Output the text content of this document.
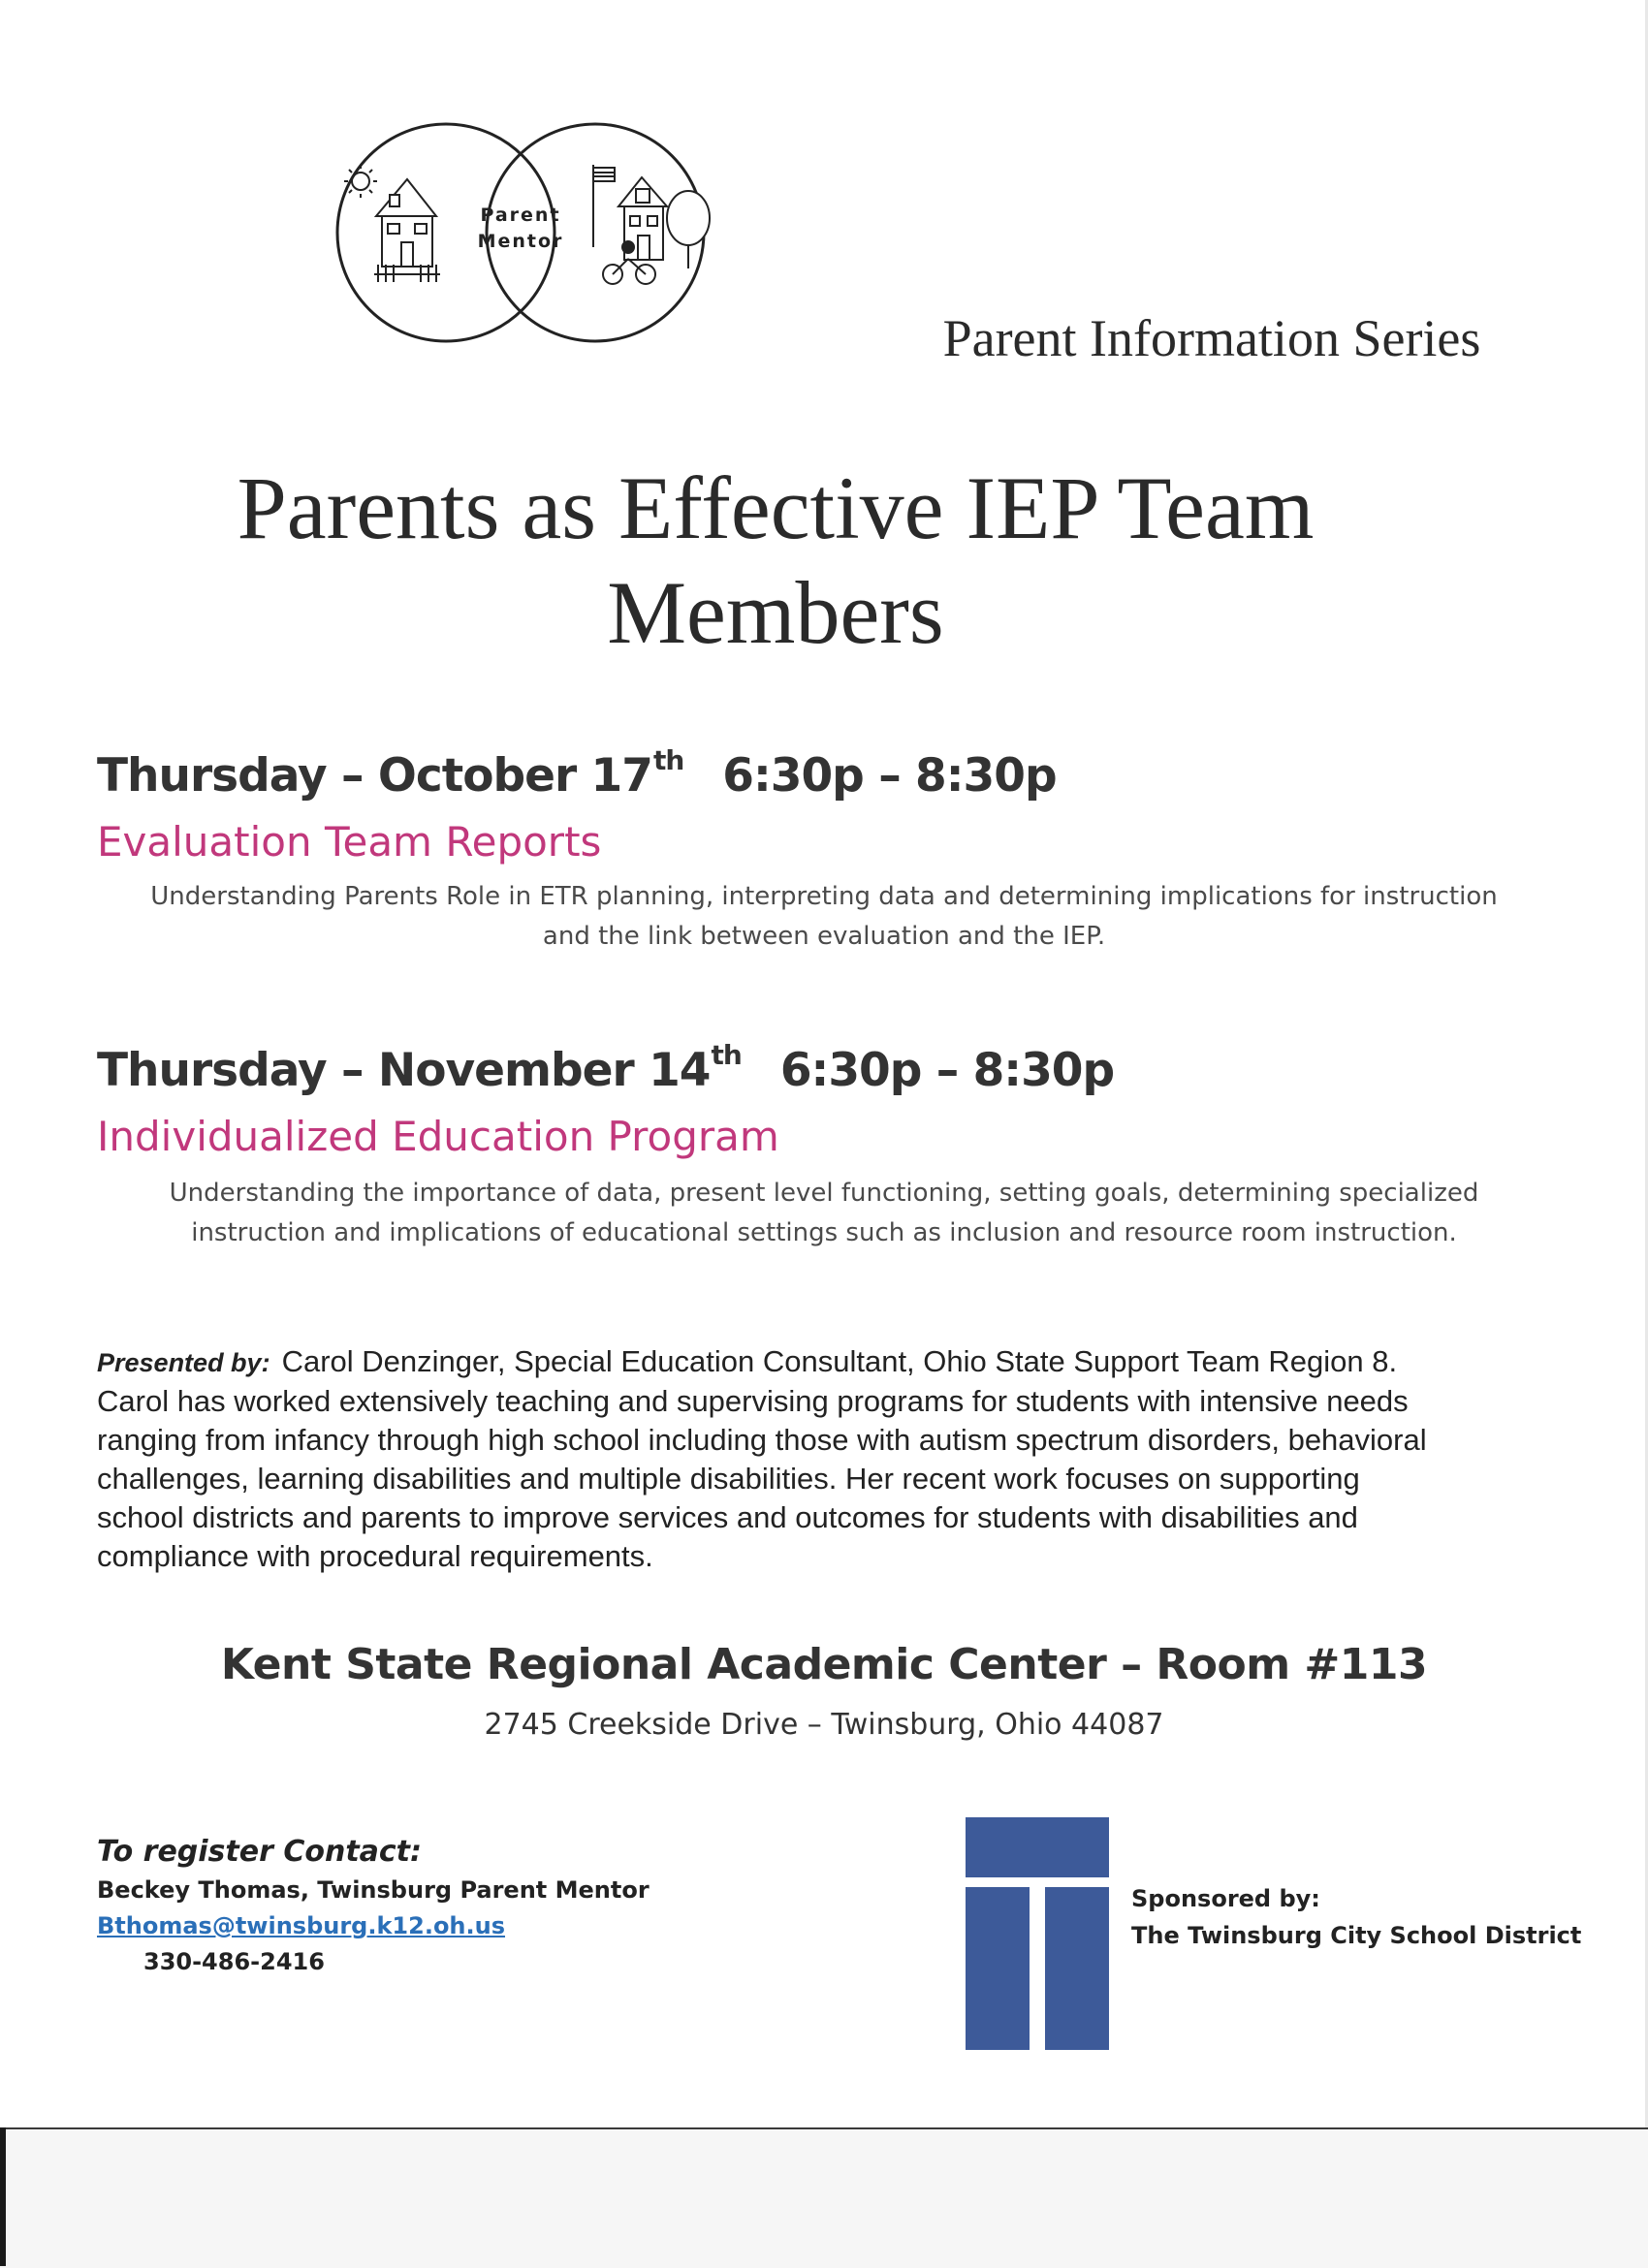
Parent
Mentor
Parent Information Series
Parents as Effective IEP Team
Members
Thursday – October 17th 6:30p – 8:30p
Evaluation Team Reports
Understanding Parents Role in ETR planning, interpreting data and determining implications for instruction
and the link between evaluation and the IEP.
Thursday – November 14th 6:30p – 8:30p
Individualized Education Program
Understanding the importance of data, present level functioning, setting goals, determining specialized
instruction and implications of educational settings such as inclusion and resource room instruction.
Presented by: Carol Denzinger, Special Education Consultant, Ohio State Support Team Region 8.
Carol has worked extensively teaching and supervising programs for students with intensive needs
ranging from infancy through high school including those with autism spectrum disorders, behavioral
challenges, learning disabilities and multiple disabilities. Her recent work focuses on supporting
school districts and parents to improve services and outcomes for students with disabilities and
compliance with procedural requirements.
Kent State Regional Academic Center – Room #113
2745 Creekside Drive – Twinsburg, Ohio 44087
To register Contact:
Beckey Thomas, Twinsburg Parent Mentor
Bthomas@twinsburg.k12.oh.us
330-486-2416
Sponsored by:
The Twinsburg City School District
